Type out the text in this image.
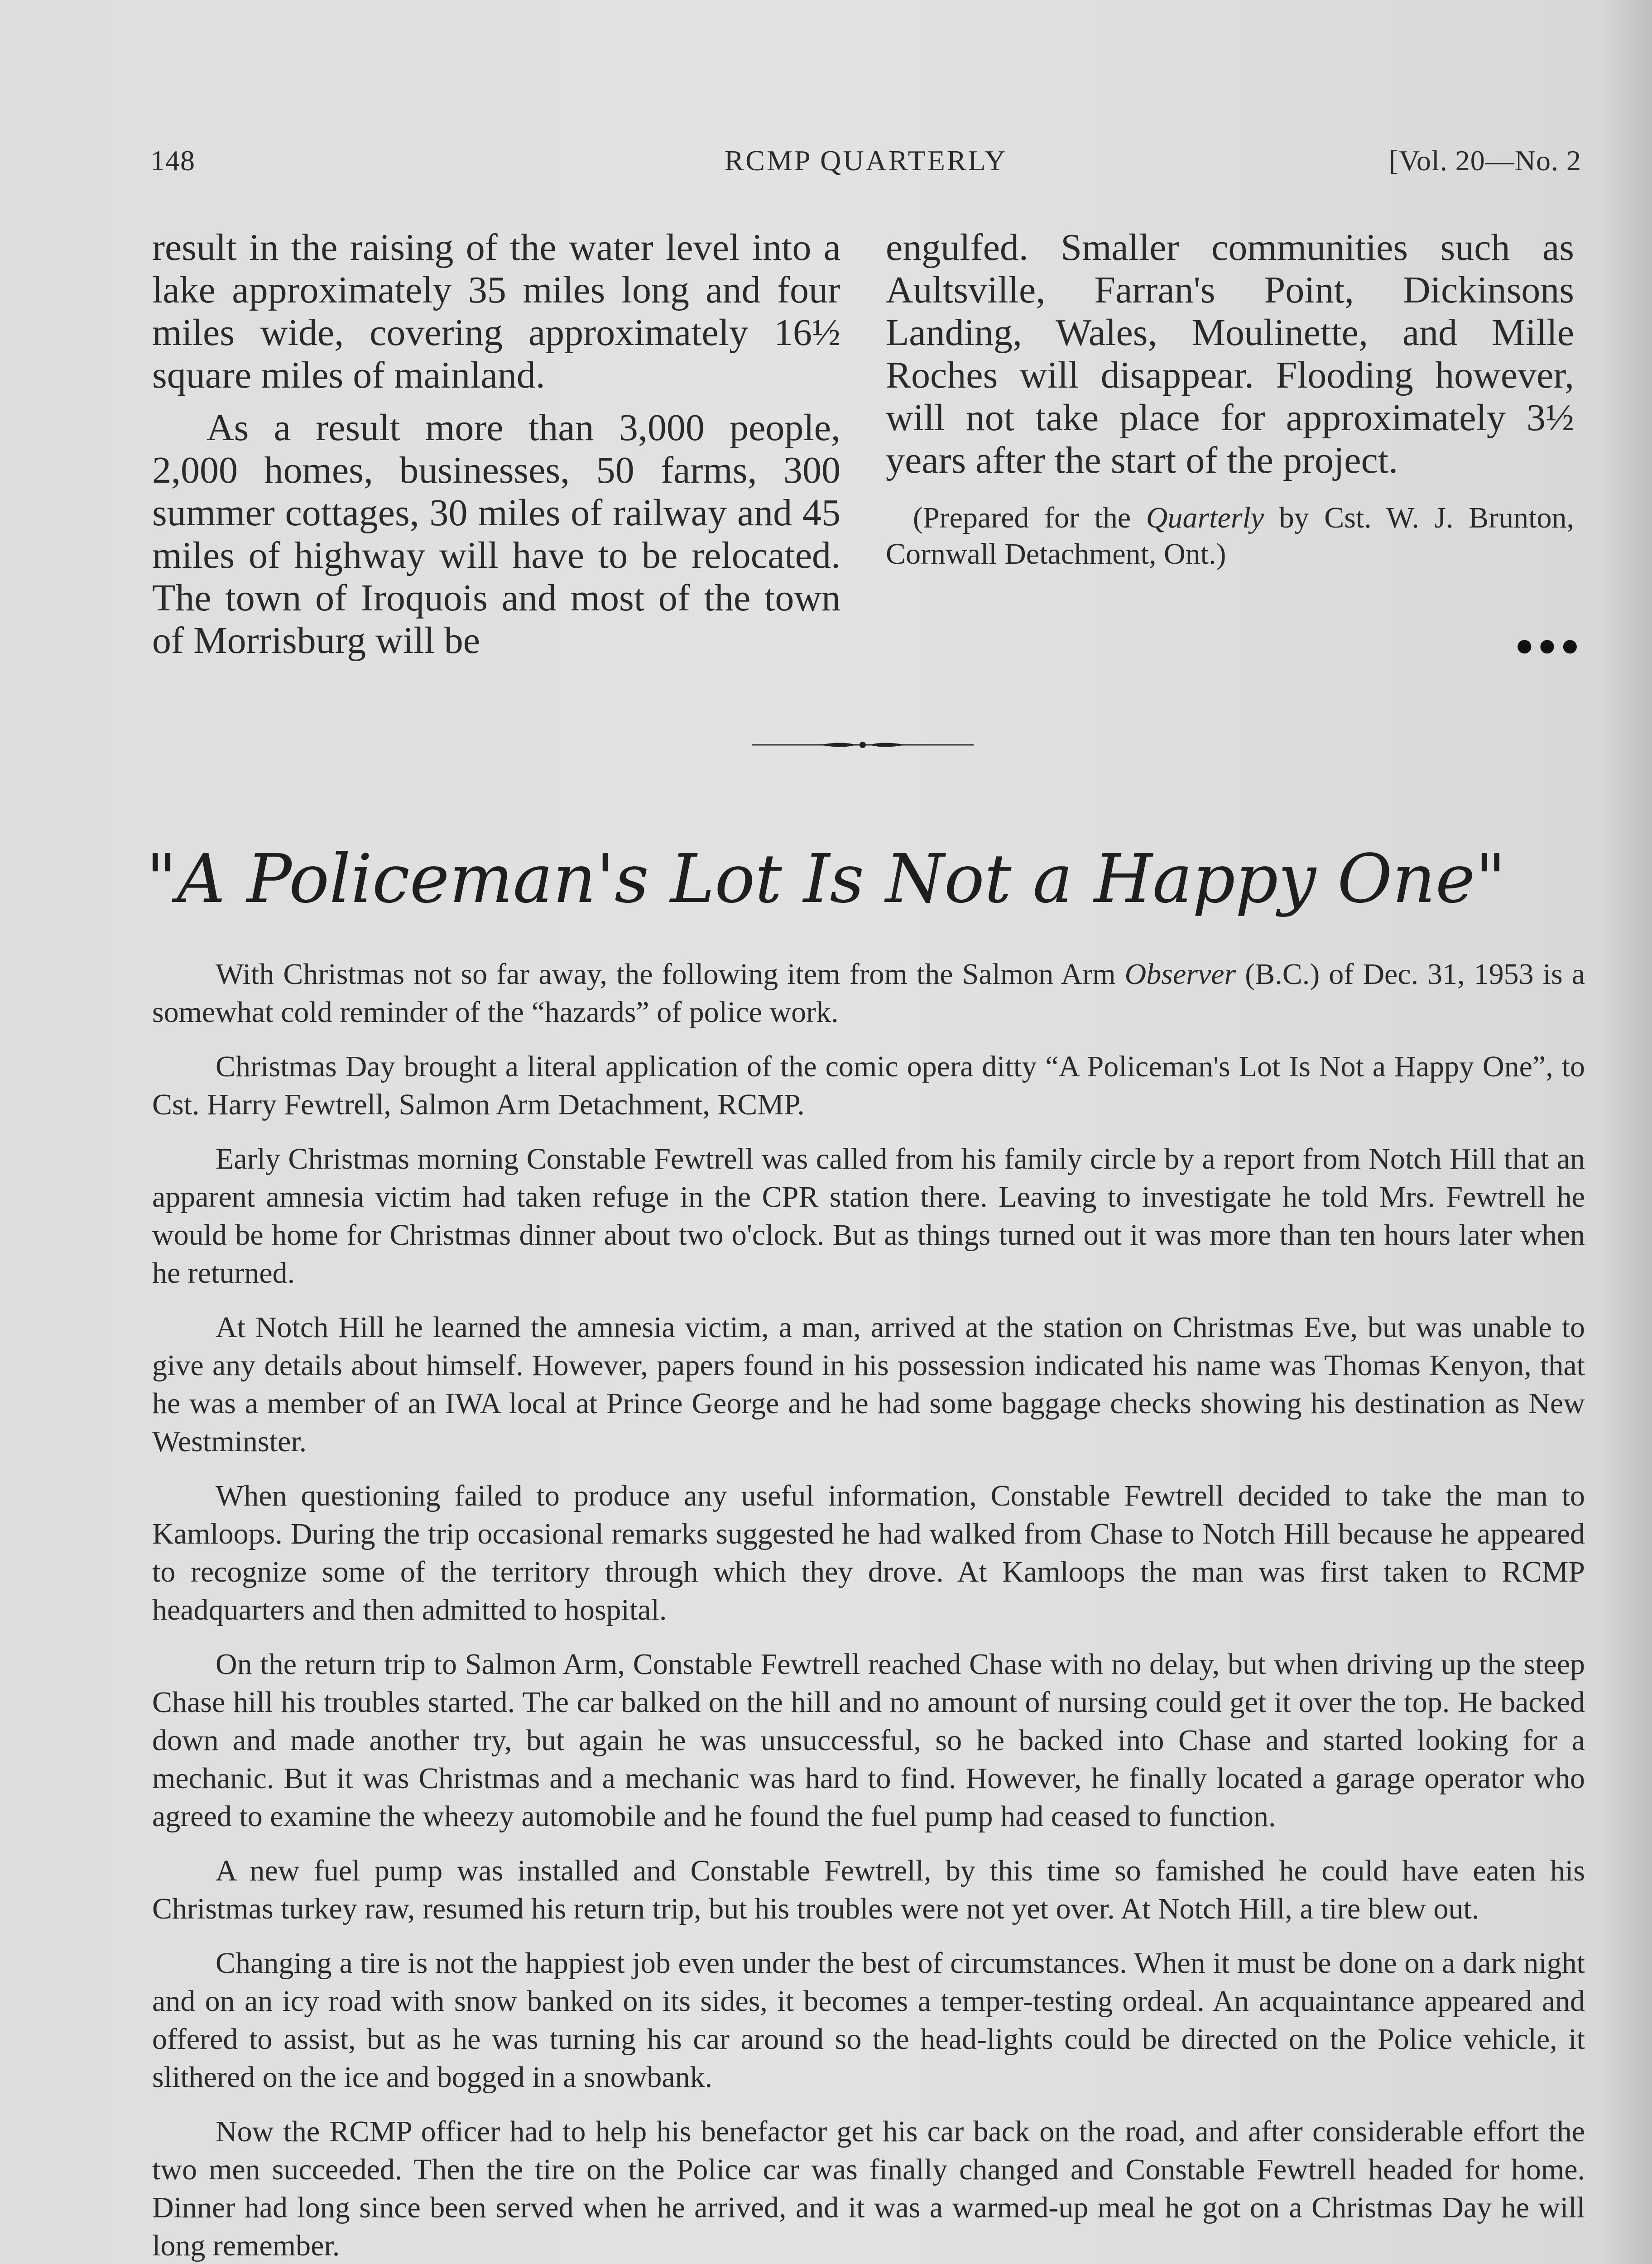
148	RCMP QUARTERLY	[Vol. 20—No. 2

result in the raising of the water level into a lake approximately 35 miles long and four miles wide, covering approximately 16½ square miles of mainland.

As a result more than 3,000 people, 2,000 homes, businesses, 50 farms, 300 summer cottages, 30 miles of railway and 45 miles of highway will have to be relocated. The town of Iroquois and most of the town of Morrisburg will be

engulfed. Smaller communities such as Aultsville, Farran's Point, Dickinsons Landing, Wales, Moulinette, and Mille Roches will disappear. Flooding however, will not take place for approximately 3½ years after the start of the project.

(Prepared for the Quarterly by Cst. W. J. Brunton, Cornwall Detachment, Ont.)

●●●
"A Policeman's Lot Is Not a Happy One"

With Christmas not so far away, the following item from the Salmon Arm Observer (B.C.) of Dec. 31, 1953 is a somewhat cold reminder of the “hazards” of police work.

Christmas Day brought a literal application of the comic opera ditty “A Policeman's Lot Is Not a Happy One”, to Cst. Harry Fewtrell, Salmon Arm Detachment, RCMP.

Early Christmas morning Constable Fewtrell was called from his family circle by a report from Notch Hill that an apparent amnesia victim had taken refuge in the CPR station there. Leaving to investigate he told Mrs. Fewtrell he would be home for Christmas dinner about two o'clock. But as things turned out it was more than ten hours later when he returned.

At Notch Hill he learned the amnesia victim, a man, arrived at the station on Christmas Eve, but was unable to give any details about himself. However, papers found in his possession indicated his name was Thomas Kenyon, that he was a member of an IWA local at Prince George and he had some baggage checks showing his destination as New Westminster.

When questioning failed to produce any useful information, Constable Fewtrell decided to take the man to Kamloops. During the trip occasional remarks suggested he had walked from Chase to Notch Hill because he appeared to recognize some of the territory through which they drove. At Kamloops the man was first taken to RCMP headquarters and then admitted to hospital.

On the return trip to Salmon Arm, Constable Fewtrell reached Chase with no delay, but when driving up the steep Chase hill his troubles started. The car balked on the hill and no amount of nursing could get it over the top. He backed down and made another try, but again he was unsuccessful, so he backed into Chase and started looking for a mechanic. But it was Christmas and a mechanic was hard to find. However, he finally located a garage operator who agreed to examine the wheezy automobile and he found the fuel pump had ceased to function.

A new fuel pump was installed and Constable Fewtrell, by this time so famished he could have eaten his Christmas turkey raw, resumed his return trip, but his troubles were not yet over. At Notch Hill, a tire blew out.

Changing a tire is not the happiest job even under the best of circumstances. When it must be done on a dark night and on an icy road with snow banked on its sides, it becomes a temper-testing ordeal. An acquaintance appeared and offered to assist, but as he was turning his car around so the head-lights could be directed on the Police vehicle, it slithered on the ice and bogged in a snowbank.

Now the RCMP officer had to help his benefactor get his car back on the road, and after considerable effort the two men succeeded. Then the tire on the Police car was finally changed and Constable Fewtrell headed for home. Dinner had long since been served when he arrived, and it was a warmed-up meal he got on a Christmas Day he will long remember.
